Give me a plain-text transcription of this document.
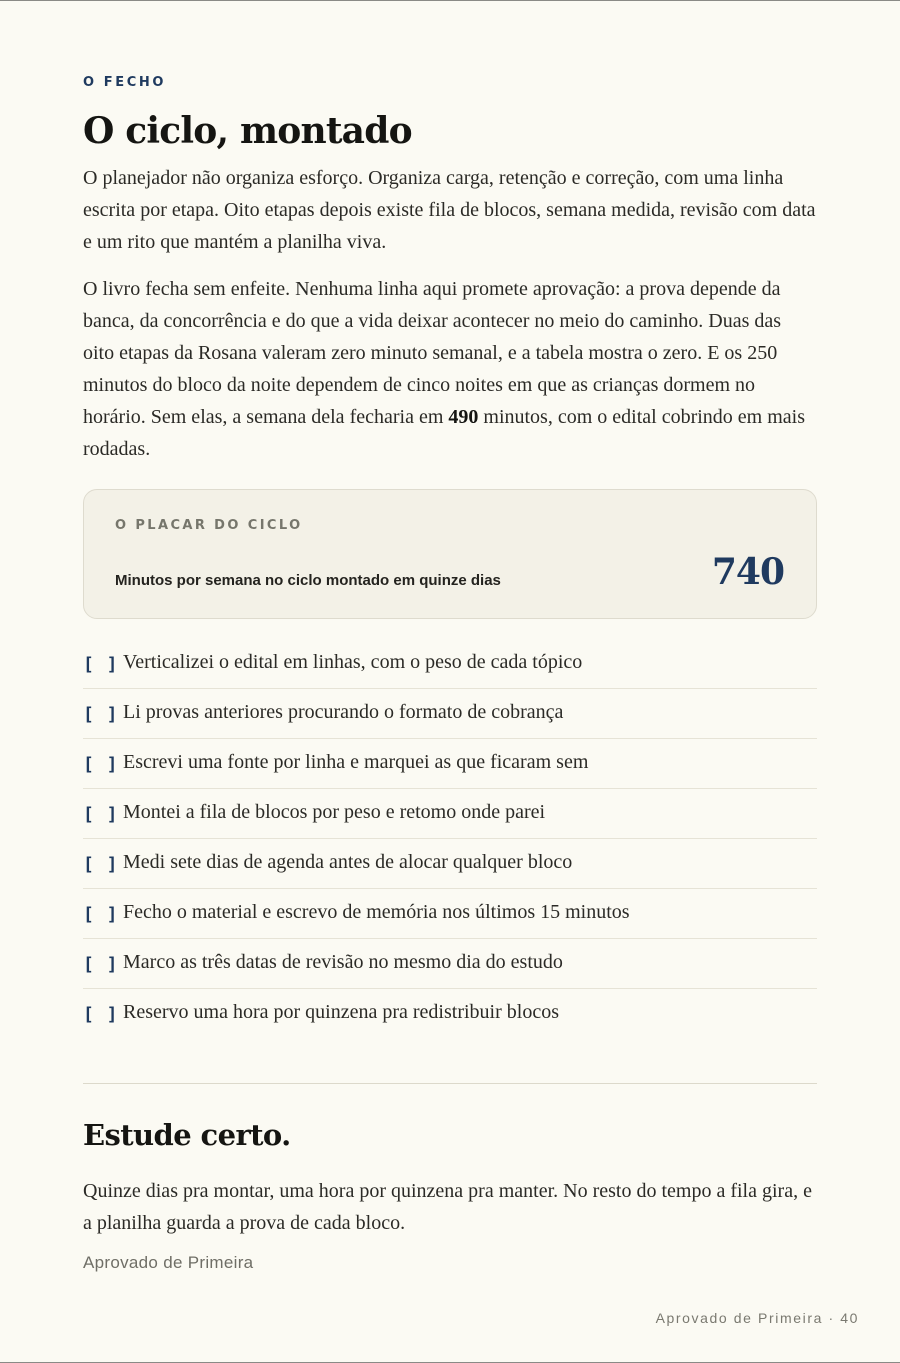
O FECHO

O ciclo, montado

O planejador não organiza esforço. Organiza carga, retenção e correção, com uma linha escrita por etapa. Oito etapas depois existe fila de blocos, semana medida, revisão com data e um rito que mantém a planilha viva.

O livro fecha sem enfeite. Nenhuma linha aqui promete aprovação: a prova depende da banca, da concorrência e do que a vida deixar acontecer no meio do caminho. Duas das oito etapas da Rosana valeram zero minuto semanal, e a tabela mostra o zero. E os 250 minutos do bloco da noite dependem de cinco noites em que as crianças dormem no horário. Sem elas, a semana dela fecharia em 490 minutos, com o edital cobrindo em mais rodadas.

O PLACAR DO CICLO
Minutos por semana no ciclo montado em quinze dias	740
[ ] Verticalizei o edital em linhas, com o peso de cada tópico
[ ] Li provas anteriores procurando o formato de cobrança
[ ] Escrevi uma fonte por linha e marquei as que ficaram sem
[ ] Montei a fila de blocos por peso e retomo onde parei
[ ] Medi sete dias de agenda antes de alocar qualquer bloco
[ ] Fecho o material e escrevo de memória nos últimos 15 minutos
[ ] Marco as três datas de revisão no mesmo dia do estudo
[ ] Reservo uma hora por quinzena pra redistribuir blocos
Estude certo.

Quinze dias pra montar, uma hora por quinzena pra manter. No resto do tempo a fila gira, e a planilha guarda a prova de cada bloco.

Aprovado de Primeira
Aprovado de Primeira · 40
